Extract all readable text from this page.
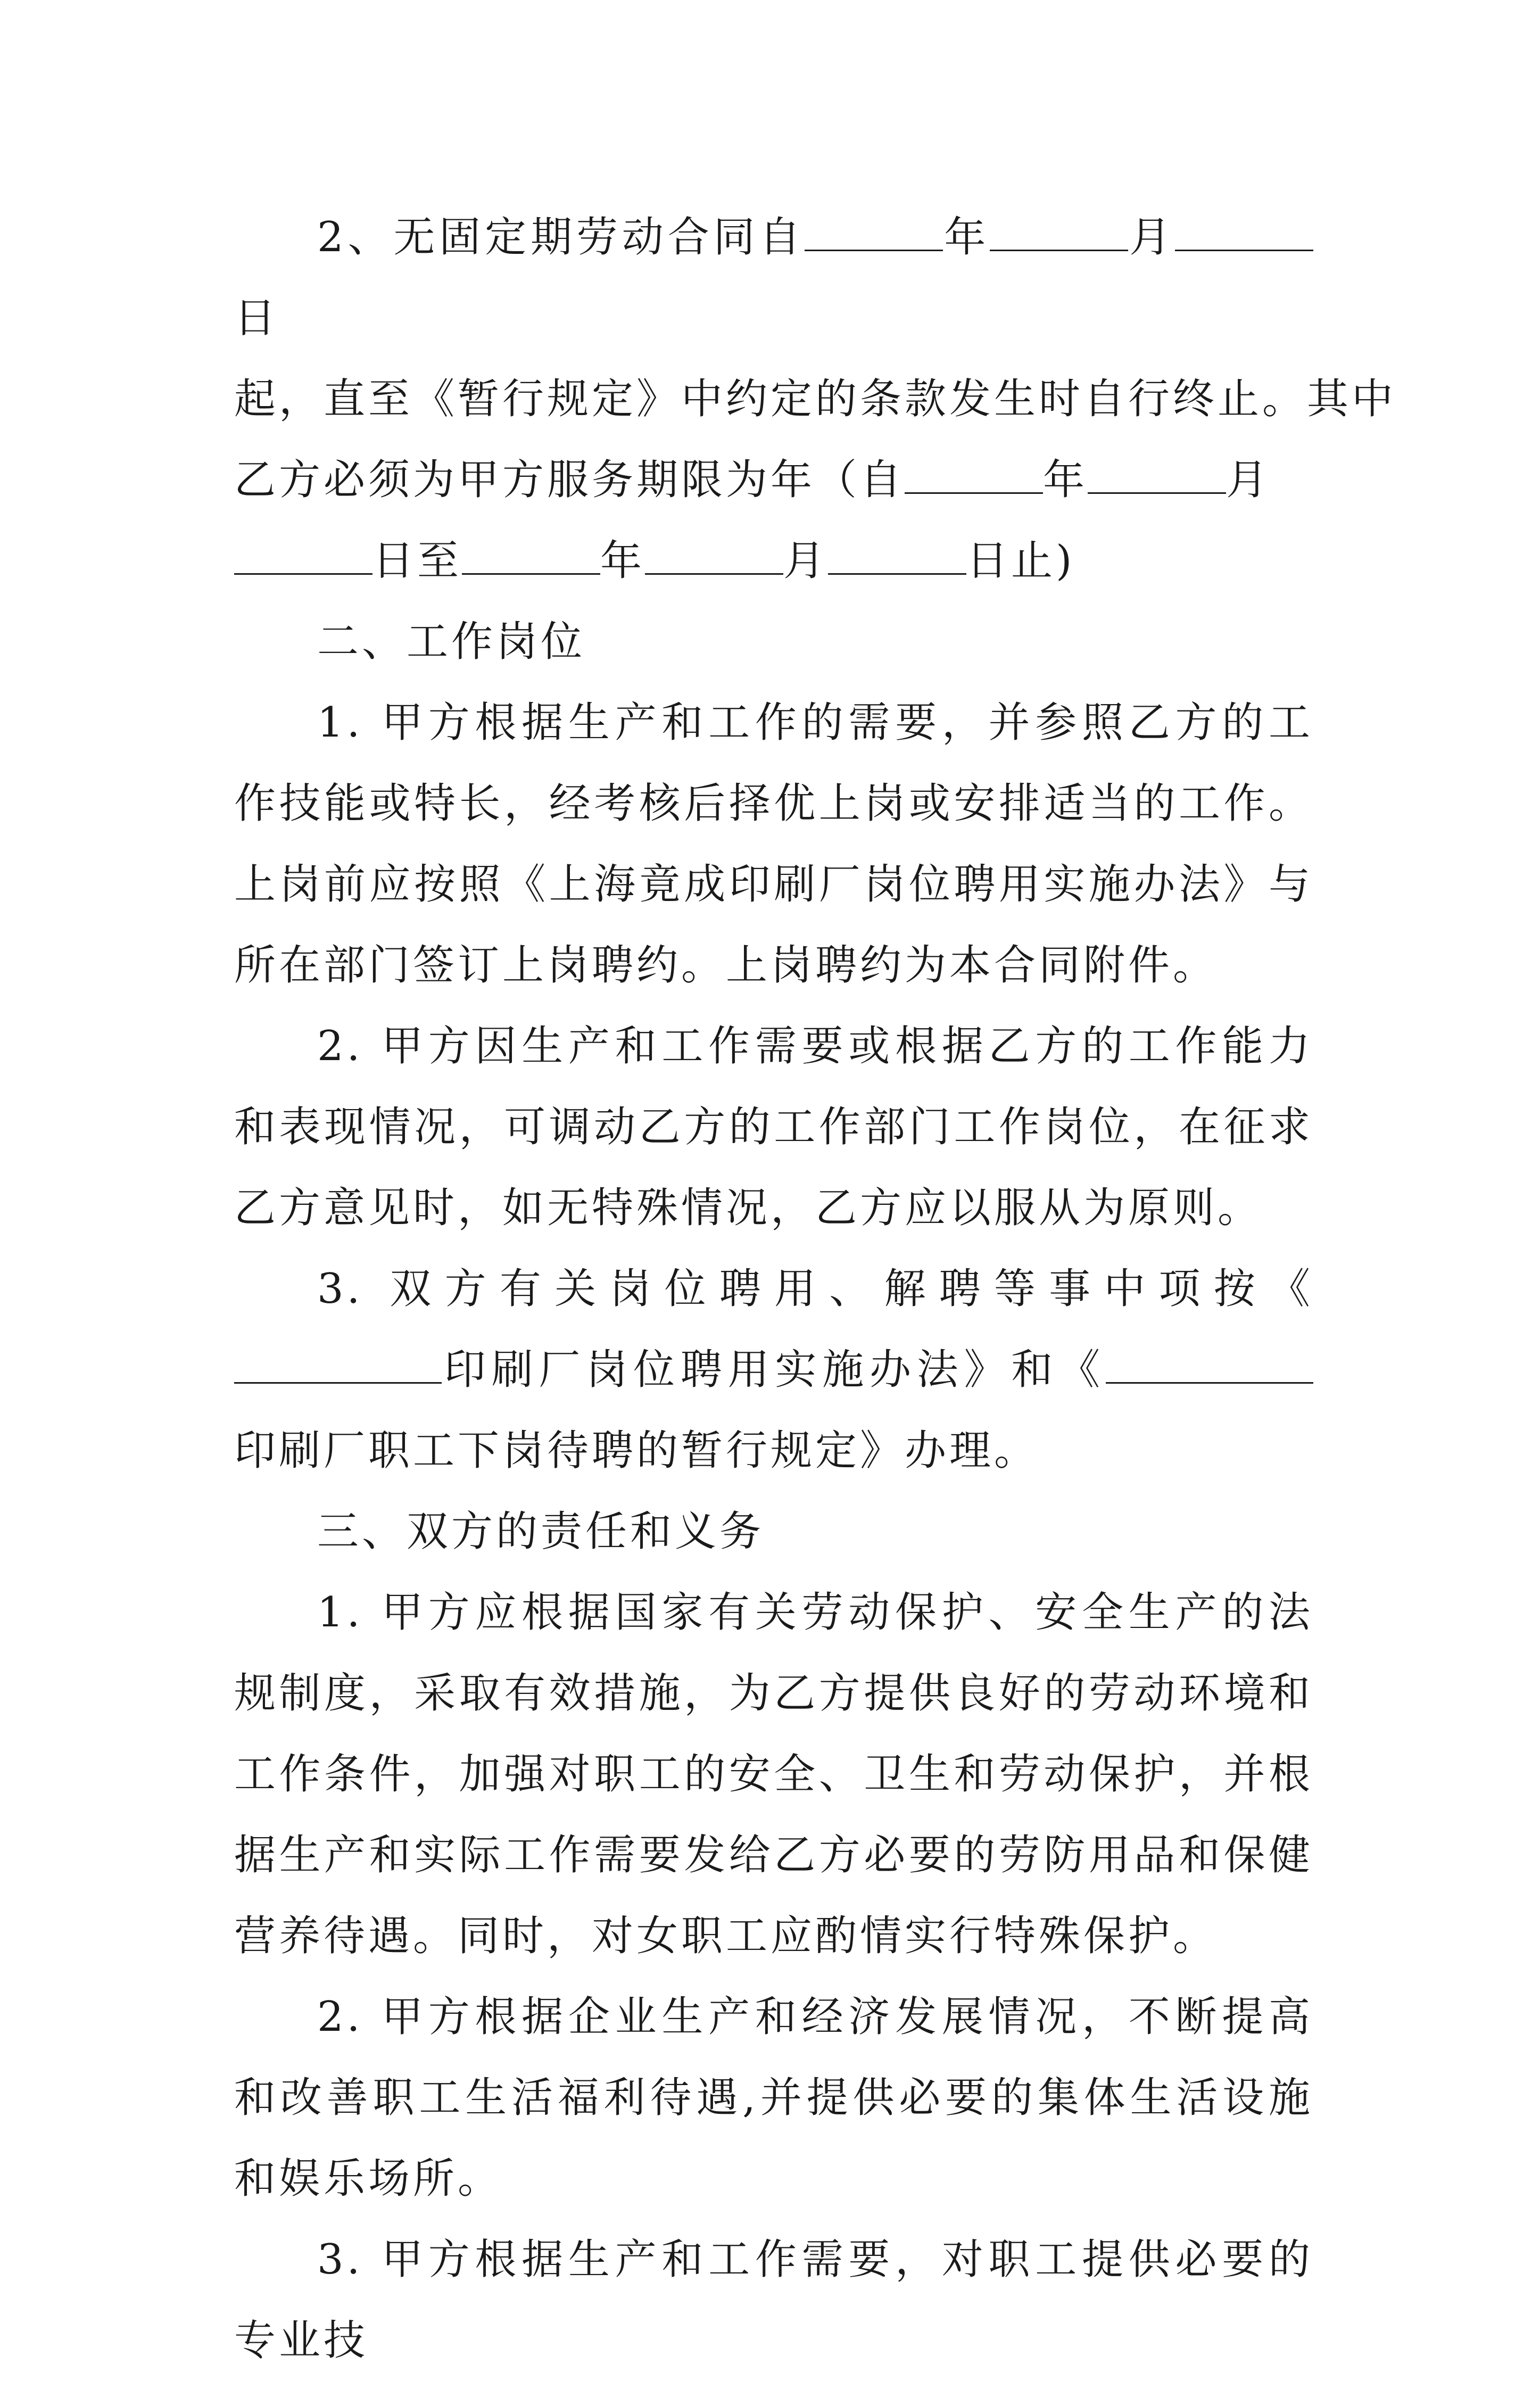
2、无固定期劳动合同自	年	月日

起，直至《暂行规定》中约定的条款发生时自行终止。其中
乙方必须为甲方服务期限为年（自	年	月
日至	年	月	日止)

二、工作岗位

1. 甲方根据生产和工作的需要，并参照乙方的工作技能或特长，经考核后择优上岗或安排适当的工作。上岗前应按照《上海竟成印刷厂岗位聘用实施办法》与所在部门签订上岗聘约。上岗聘约为本合同附件。

2. 甲方因生产和工作需要或根据乙方的工作能力和表现情况，可调动乙方的工作部门工作岗位，在征求乙方意见时，如无特殊情况，乙方应以服从为原则。

3. 双方有关岗位聘用、解聘等事中项按《印刷厂岗位聘用实施办法》和《印刷厂职工下岗待聘的暂行规定》办理。

三、双方的责任和义务

1. 甲方应根据国家有关劳动保护、安全生产的法规制度，采取有效措施，为乙方提供良好的劳动环境和工作条件，加强对职工的安全、卫生和劳动保护，并根据生产和实际工作需要发给乙方必要的劳防用品和保健营养待遇。同时，对女职工应酌情实行特殊保护。

2. 甲方根据企业生产和经济发展情况，不断提高和改善职工生活福利待遇,并提供必要的集体生活设施和娱乐场所。

3. 甲方根据生产和工作需要，对职工提供必要的专业技
